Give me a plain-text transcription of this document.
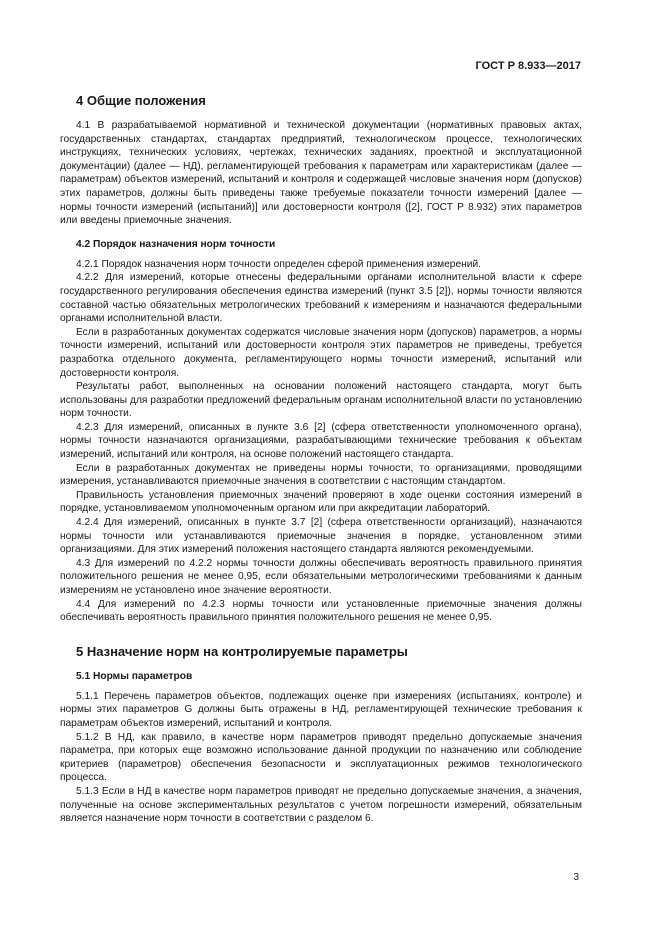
ГОСТ Р 8.933—2017
4 Общие положения

4.1 В разрабатываемой нормативной и технической документации (нормативных правовых актах, государственных стандартах, стандартах предприятий, технологическом процессе, технологических инструкциях, технических условиях, чертежах, технических заданиях, проектной и эксплуатационной документации) (далее — НД), регламентирующей требования к параметрам или характеристикам (далее — параметрам) объектов измерений, испытаний и контроля и содержащей числовые значения норм (допусков) этих параметров, должны быть приведены также требуемые показатели точности измерений [далее — нормы точности измерений (испытаний)] или достоверности контроля ([2], ГОСТ Р 8.932) этих параметров или введены приемочные значения.

4.2 Порядок назначения норм точности

4.2.1 Порядок назначения норм точности определен сферой применения измерений.

4.2.2 Для измерений, которые отнесены федеральными органами исполнительной власти к сфере государственного регулирования обеспечения единства измерений (пункт 3.5 [2]), нормы точности являются составной частью обязательных метрологических требований к измерениям и назначаются федеральными органами исполнительной власти.

Если в разработанных документах содержатся числовые значения норм (допусков) параметров, а нормы точности измерений, испытаний или достоверности контроля этих параметров не приведены, требуется разработка отдельного документа, регламентирующего нормы точности измерений, испытаний или достоверности контроля.

Результаты работ, выполненных на основании положений настоящего стандарта, могут быть использованы для разработки предложений федеральным органам исполнительной власти по установлению норм точности.

4.2.3 Для измерений, описанных в пункте 3.6 [2] (сфера ответственности уполномоченного органа), нормы точности назначаются организациями, разрабатывающими технические требования к объектам измерений, испытаний или контроля, на основе положений настоящего стандарта.

Если в разработанных документах не приведены нормы точности, то организациями, проводящими измерения, устанавливаются приемочные значения в соответствии с настоящим стандартом.

Правильность установления приемочных значений проверяют в ходе оценки состояния измерений в порядке, установливаемом уполномоченным органом или при аккредитации лабораторий.

4.2.4 Для измерений, описанных в пункте 3.7 [2] (сфера ответственности организаций), назначаются нормы точности или устанавливаются приемочные значения в порядке, установленном этими организациями. Для этих измерений положения настоящего стандарта являются рекомендуемыми.

4.3 Для измерений по 4.2.2 нормы точности должны обеспечивать вероятность правильного принятия положительного решения не менее 0,95, если обязательными метрологическими требованиями к данным измерениям не установлено иное значение вероятности.

4.4 Для измерений по 4.2.3 нормы точности или установленные приемочные значения должны обеспечивать вероятность правильного принятия положительного решения не менее 0,95.

5 Назначение норм на контролируемые параметры
5.1 Нормы параметров

5.1.1 Перечень параметров объектов, подлежащих оценке при измерениях (испытаниях, контроле) и нормы этих параметров G должны быть отражены в НД, регламентирующей технические требования к параметрам объектов измерений, испытаний и контроля.

5.1.2 В НД, как правило, в качестве норм параметров приводят предельно допускаемые значения параметра, при которых еще возможно использование данной продукции по назначению или соблюдение критериев (параметров) обеспечения безопасности и эксплуатационных режимов технологического процесса.

5.1.3 Если в НД в качестве норм параметров приводят не предельно допускаемые значения, а значения, полученные на основе экспериментальных результатов с учетом погрешности измерений, обязательным является назначение норм точности в соответствии с разделом 6.

3
